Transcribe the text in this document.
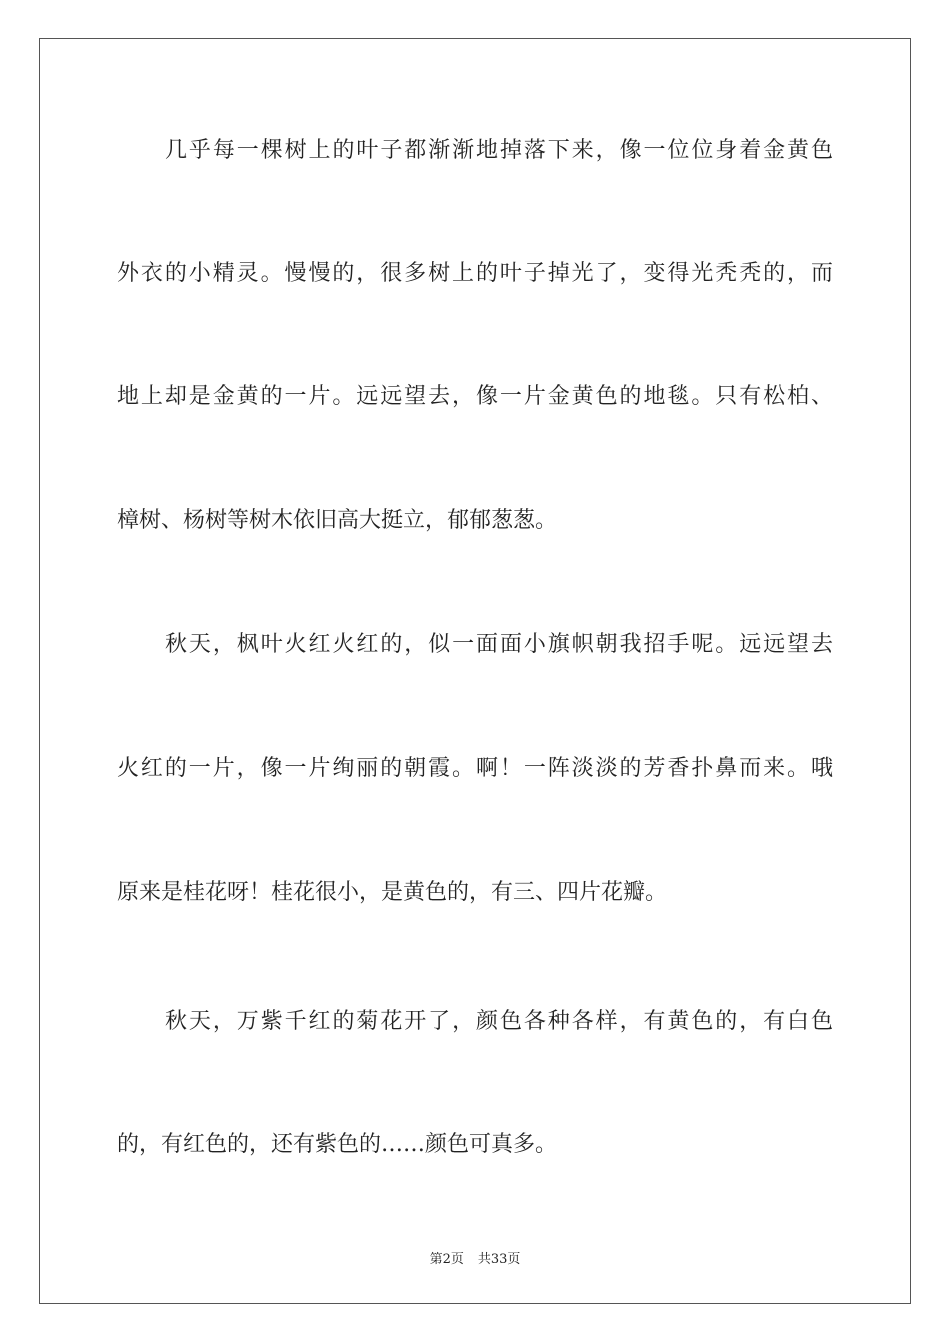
几乎每一棵树上的叶子都渐渐地掉落下来，像一位位身着金黄色

外衣的小精灵。慢慢的，很多树上的叶子掉光了，变得光秃秃的，而

地上却是金黄的一片。远远望去，像一片金黄色的地毯。只有松柏、

樟树、杨树等树木依旧高大挺立，郁郁葱葱。

秋天，枫叶火红火红的，似一面面小旗帜朝我招手呢。远远望去

火红的一片，像一片绚丽的朝霞。啊！一阵淡淡的芳香扑鼻而来。哦

原来是桂花呀！桂花很小，是黄色的，有三、四片花瓣。

秋天，万紫千红的菊花开了，颜色各种各样，有黄色的，有白色

的，有红色的，还有紫色的……颜色可真多。

第2页 共33页
